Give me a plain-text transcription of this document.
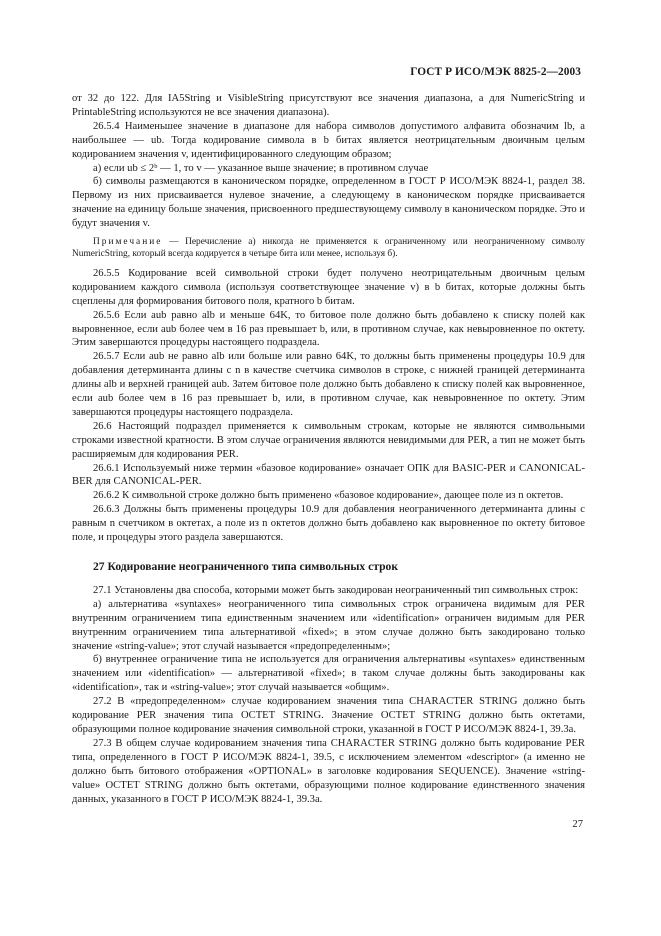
ГОСТ Р ИСО/МЭК 8825-2—2003

от 32 до 122. Для IA5String и VisibleString присутствуют все значения диапазона, а для NumericString и PrintableString используются не все значения диапазона).

26.5.4 Наименьшее значение в диапазоне для набора символов допустимого алфавита обозначим lb, а наибольшее — ub. Тогда кодирование символа в b битах является неотрицательным двоичным целым кодированием значения v, идентифицированного следующим образом;

а) если ub ≤ 2ᵇ — 1, то v — указанное выше значение; в противном случае

б) символы размещаются в каноническом порядке, определенном в ГОСТ Р ИСО/МЭК 8824-1, раздел 38. Первому из них присваивается нулевое значение, а следующему в каноническом порядке присваивается значение на единицу больше значения, присвоенного предшествующему символу в каноническом порядке. Это и будут значения v.

Примечание — Перечисление а) никогда не применяется к ограниченному или неограниченному символу NumericString, который всегда кодируется в четыре бита или менее, используя б).

26.5.5 Кодирование всей символьной строки будет получено неотрицательным двоичным целым кодированием каждого символа (используя соответствующее значение v) в b битах, которые должны быть сцеплены для формирования битового поля, кратного b битам.

26.5.6 Если aub равно alb и меньше 64K, то битовое поле должно быть добавлено к списку полей как выровненное, если aub более чем в 16 раз превышает b, или, в противном случае, как невыровненное по октету. Этим завершаются процедуры настоящего подраздела.

26.5.7 Если aub не равно alb или больше или равно 64K, то должны быть применены процедуры 10.9 для добавления детерминанта длины с n в качестве счетчика символов в строке, с нижней границей детерминанта длины alb и верхней границей aub. Затем битовое поле должно быть добавлено к списку полей как выровненное, если aub более чем в 16 раз превышает b, или, в противном случае, как невыровненное по октету. Этим завершаются процедуры настоящего подраздела.

26.6 Настоящий подраздел применяется к символьным строкам, которые не являются символьными строками известной кратности. В этом случае ограничения являются невидимыми для PER, а тип не может быть расширяемым для кодирования PER.

26.6.1 Используемый ниже термин «базовое кодирование» означает ОПК для BASIC-PER и CANONICAL-BER для CANONICAL-PER.

26.6.2 К символьной строке должно быть применено «базовое кодирование», дающее поле из n октетов.

26.6.3 Должны быть применены процедуры 10.9 для добавления неограниченного детерминанта длины с равным n счетчиком в октетах, а поле из n октетов должно быть добавлено как выровненное по октету битовое поле, и процедуры этого раздела завершаются.

27 Кодирование неограниченного типа символьных строк

27.1 Установлены два способа, которыми может быть закодирован неограниченный тип символьных строк:

а) альтернатива «syntaxes» неограниченного типа символьных строк ограничена видимым для PER внутренним ограничением типа единственным значением или «identification» ограничен видимым для PER внутренним ограничением типа альтернативой «fixed»; в этом случае должно быть закодировано только значение «string-value»; этот случай называется «предопределенным»;

б) внутреннее ограничение типа не используется для ограничения альтернативы «syntaxes» единственным значением или «identification» — альтернативой «fixed»; в таком случае должны быть закодированы как «identification», так и «string-value»; этот случай называется «общим».

27.2 В «предопределенном» случае кодированием значения типа CHARACTER STRING должно быть кодирование PER значения типа OCTET STRING. Значение OCTET STRING должно быть октетами, образующими полное кодирование значения символьной строки, указанной в ГОСТ Р ИСО/МЭК 8824-1, 39.3а.

27.3 В общем случае кодированием значения типа CHARACTER STRING должно быть кодирование PER типа, определенного в ГОСТ Р ИСО/МЭК 8824-1, 39.5, с исключением элементом «descriptor» (а именно не должно быть битового отображения «OPTIONAL» в заголовке кодирования SEQUENCE). Значение «string-value» OCTET STRING должно быть октетами, образующими полное кодирование единственного значения данных, указанного в ГОСТ Р ИСО/МЭК 8824-1, 39.3а.

27
